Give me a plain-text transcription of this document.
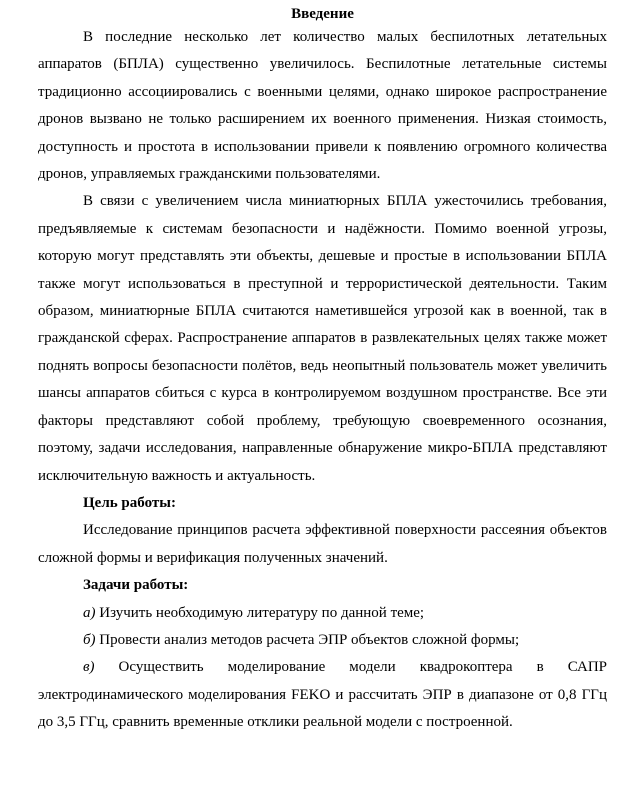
Введение

В последние несколько лет количество малых беспилотных летательных аппаратов (БПЛА) существенно увеличилось. Беспилотные летательные системы традиционно ассоциировались с военными целями, однако широкое распространение дронов вызвано не только расширением их военного применения. Низкая стоимость, доступность и простота в использовании привели к появлению огромного количества дронов, управляемых гражданскими пользователями.

В связи с увеличением числа миниатюрных БПЛА ужесточились требования, предъявляемые к системам безопасности и надёжности. Помимо военной угрозы, которую могут представлять эти объекты, дешевые и простые в использовании БПЛА также могут использоваться в преступной и террористической деятельности. Таким образом, миниатюрные БПЛА считаются наметившейся угрозой как в военной, так в гражданской сферах. Распространение аппаратов в развлекательных целях также может поднять вопросы безопасности полётов, ведь неопытный пользователь может увеличить шансы аппаратов сбиться с курса в контролируемом воздушном пространстве. Все эти факторы представляют собой проблему, требующую своевременного осознания, поэтому, задачи исследования, направленные обнаружение микро-БПЛА представляют исключительную важность и актуальность.

Цель работы:

Исследование принципов расчета эффективной поверхности рассеяния объектов сложной формы и верификация полученных значений.

Задачи работы:

а) Изучить необходимую литературу по данной теме;

б) Провести анализ методов расчета ЭПР объектов сложной формы;

в) Осуществить моделирование модели квадрокоптера в САПР электродинамического моделирования FEKO и рассчитать ЭПР в диапазоне от 0,8 ГГц до 3,5 ГГц, сравнить временные отклики реальной модели с построенной.
